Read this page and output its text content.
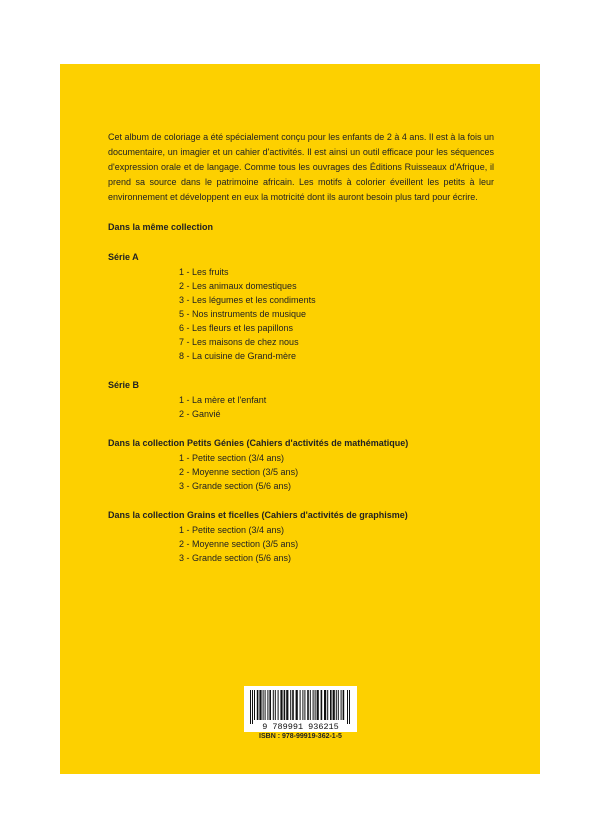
Cet album de coloriage a été spécialement conçu pour les enfants de 2 à 4 ans. Il est à la fois un documentaire, un imagier et un cahier d'activités. Il est ainsi un outil efficace pour les séquences d'expression orale et de langage. Comme tous les ouvrages des Éditions Ruisseaux d'Afrique, il prend sa source dans le patrimoine africain. Les motifs à colorier éveillent les petits à leur environnement et développent en eux la motricité dont ils auront besoin plus tard pour écrire.

Dans la même collection

Série A

1 - Les fruits
2 - Les animaux domestiques
3 - Les légumes et les condiments
5 - Nos instruments de musique
6 - Les fleurs et les papillons
7 - Les maisons de chez nous
8 - La cuisine de Grand-mère

Série B

1 - La mère et l'enfant
2 - Ganvié

Dans la collection Petits Génies (Cahiers d'activités de mathématique)

1 - Petite section (3/4 ans)
2 - Moyenne section (3/5 ans)
3 - Grande section (5/6 ans)

Dans la collection Grains et ficelles (Cahiers d'activités de graphisme)

1 - Petite section (3/4 ans)
2 - Moyenne section (3/5 ans)
3 - Grande section (5/6 ans)
9 789991 936215
ISBN : 978-99919-362-1-5
